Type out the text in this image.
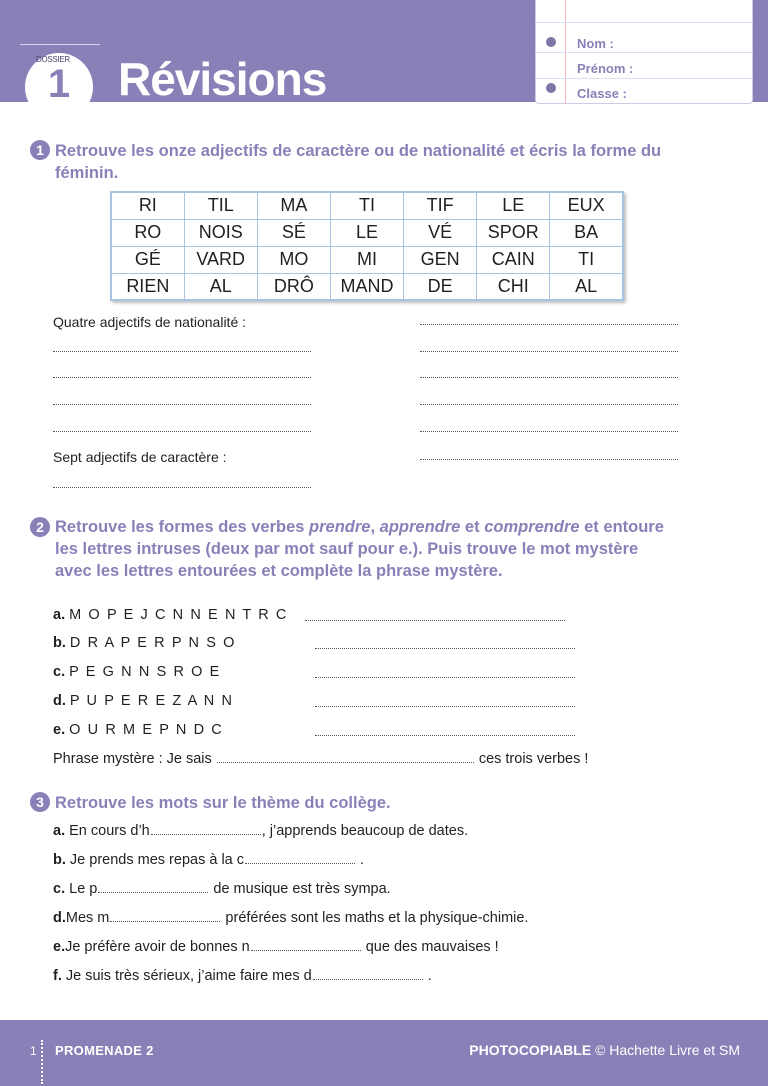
DOSSIER
1	Révisions
Nom :
Prénom :
Classe :
1 Retrouve les onze adjectifs de caractère ou de nationalité et écris la forme du
féminin.
RI	TIL	MA	TI	TIF	LE	EUX
RO	NOIS	SÉ	LE	VÉ	SPOR	BA
GÉ	VARD	MO	MI	GEN	CAIN	TI
RIEN	AL	DRÔ	MAND	DE	CHI	AL
Quatre adjectifs de nationalité :
Sept adjectifs de caractère :
2 Retrouve les formes des verbes prendre, apprendre et comprendre et entoure
les lettres intruses (deux par mot sauf pour e.). Puis trouve le mot mystère
avec les lettres entourées et complète la phrase mystère.
a. M O P E J C N N E N T R C
b. D R A P E R P N S O
c. P E G N N S R O E
d. P U P E R E Z A N N
e. O U R M E P N D C
Phrase mystère : Je sais	ces trois verbes !
3 Retrouve les mots sur le thème du collège.
a. En cours d’h	, j’apprends beaucoup de dates.
b. Je prends mes repas à la c	.
c. Le p	de musique est très sympa.
d.Mes m	préférées sont les maths et la physique-chimie.
e.Je préfère avoir de bonnes n	que des mauvaises !
f. Je suis très sérieux, j’aime faire mes d	.
1 PROMENADE 2	PHOTOCOPIABLE © Hachette Livre et SM
